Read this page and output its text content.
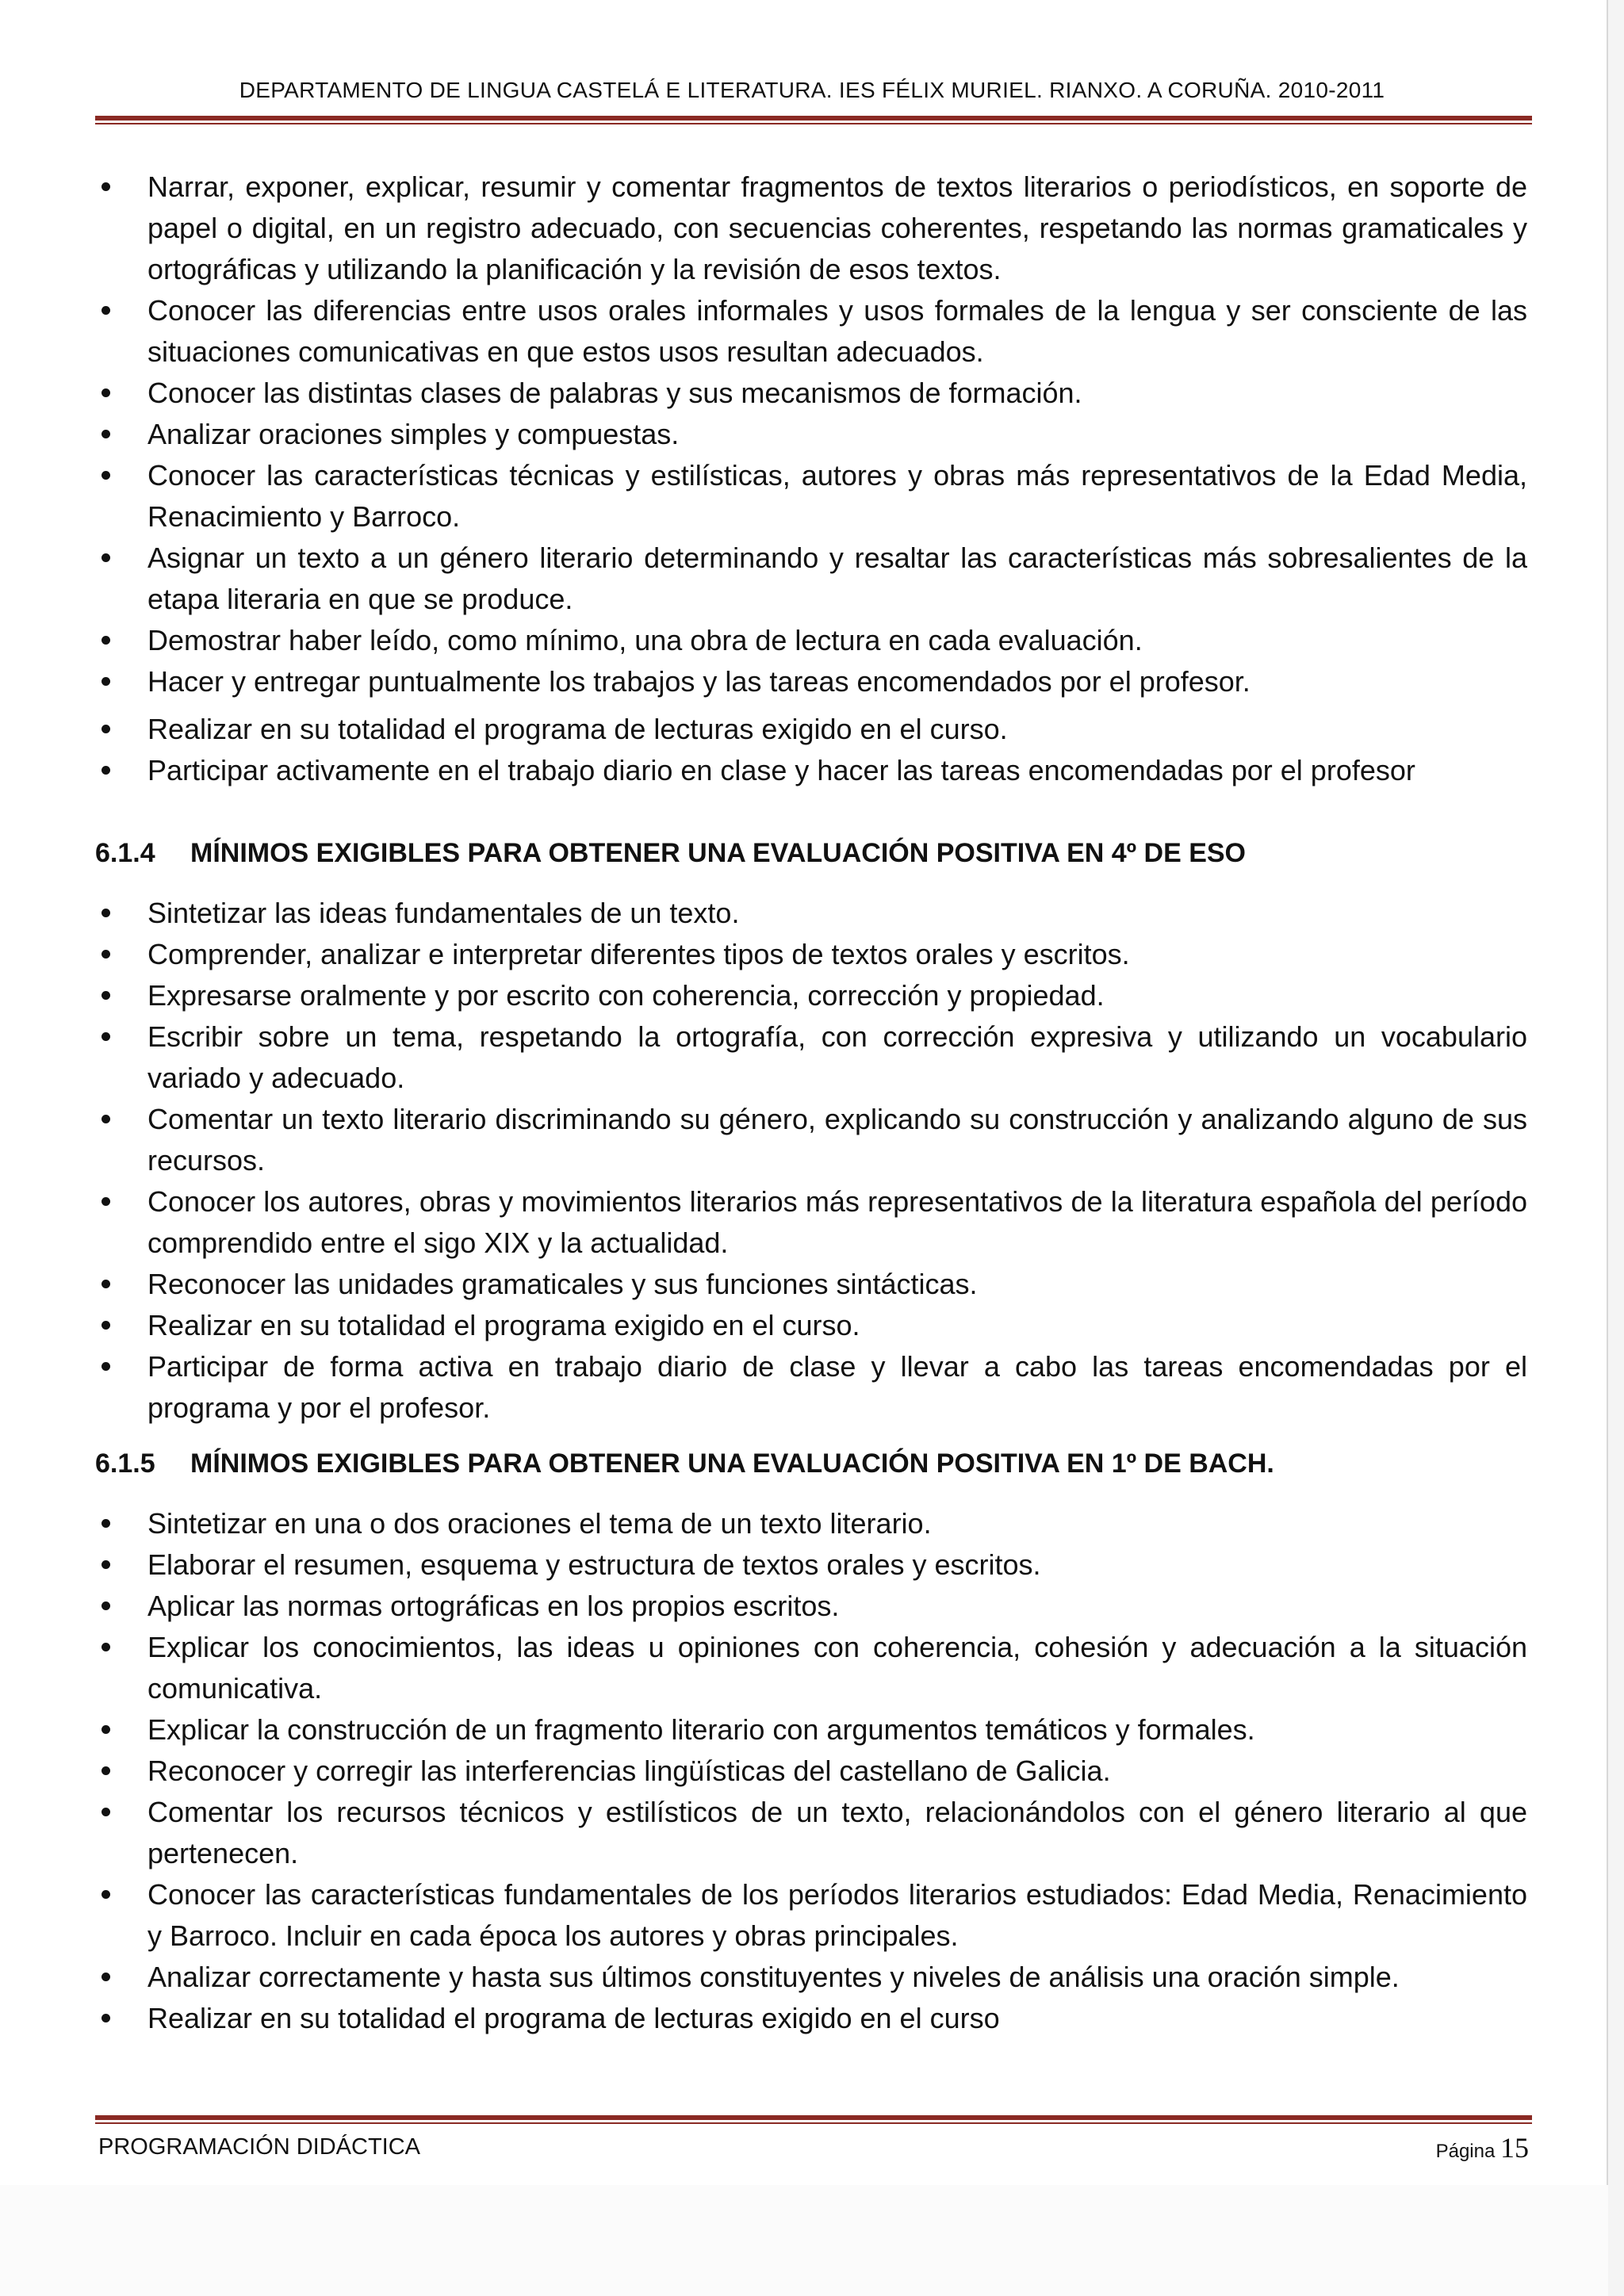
DEPARTAMENTO DE LINGUA CASTELÁ E LITERATURA. IES FÉLIX MURIEL. RIANXO. A CORUÑA. 2010-2011
Narrar, exponer, explicar, resumir y comentar fragmentos de textos literarios o periodísticos, en soporte de papel o digital, en un registro adecuado, con secuencias coherentes, respetando las normas gramaticales y ortográficas y utilizando la planificación y la revisión de esos textos.
Conocer las diferencias entre usos orales informales y usos formales de la lengua y ser consciente de las situaciones comunicativas en que estos usos resultan adecuados.
Conocer las distintas clases de palabras y sus mecanismos de formación.
Analizar oraciones simples y compuestas.
Conocer las características técnicas y estilísticas, autores y obras más representativos de la Edad Media, Renacimiento y Barroco.
Asignar un texto a un género literario determinando y resaltar las características más sobresalientes de la etapa literaria en que se produce.
Demostrar haber leído, como mínimo, una obra de lectura en cada evaluación.
Hacer y entregar puntualmente los trabajos y las tareas encomendados por el profesor.
Realizar en su totalidad el programa de lecturas exigido en el curso.
Participar activamente en el trabajo diario en clase y hacer las tareas encomendadas por el profesor
6.1.4 MÍNIMOS EXIGIBLES PARA OBTENER UNA EVALUACIÓN POSITIVA EN 4º DE ESO
Sintetizar las ideas fundamentales de un texto.
Comprender, analizar e interpretar diferentes tipos de textos orales y escritos.
Expresarse oralmente y por escrito con coherencia, corrección y propiedad.
Escribir sobre un tema, respetando la ortografía, con corrección expresiva y utilizando un vocabulario variado y adecuado.
Comentar un texto literario discriminando su género, explicando su construcción y analizando alguno de sus recursos.
Conocer los autores, obras y movimientos literarios más representativos de la literatura española del período comprendido entre el sigo XIX y la actualidad.
Reconocer las unidades gramaticales y sus funciones sintácticas.
Realizar en su totalidad el programa exigido en el curso.
Participar de forma activa en trabajo diario de clase y llevar a cabo las tareas encomendadas por el programa y por el profesor.
6.1.5 MÍNIMOS EXIGIBLES PARA OBTENER UNA EVALUACIÓN POSITIVA EN 1º DE BACH.
Sintetizar en una o dos oraciones el tema de un texto literario.
Elaborar el resumen, esquema y estructura de textos orales y escritos.
Aplicar las normas ortográficas en los propios escritos.
Explicar los conocimientos, las ideas u opiniones con coherencia, cohesión y adecuación a la situación comunicativa.
Explicar la construcción de un fragmento literario con argumentos temáticos y formales.
Reconocer y corregir las interferencias lingüísticas del castellano de Galicia.
Comentar los recursos técnicos y estilísticos de un texto, relacionándolos con el género literario al que pertenecen.
Conocer las características fundamentales de los períodos literarios estudiados: Edad Media, Renacimiento y Barroco. Incluir en cada época los autores y obras principales.
Analizar correctamente y hasta sus últimos constituyentes y niveles de análisis una oración simple.
Realizar en su totalidad el programa de lecturas exigido en el curso
PROGRAMACIÓN DIDÁCTICA	Página 15
